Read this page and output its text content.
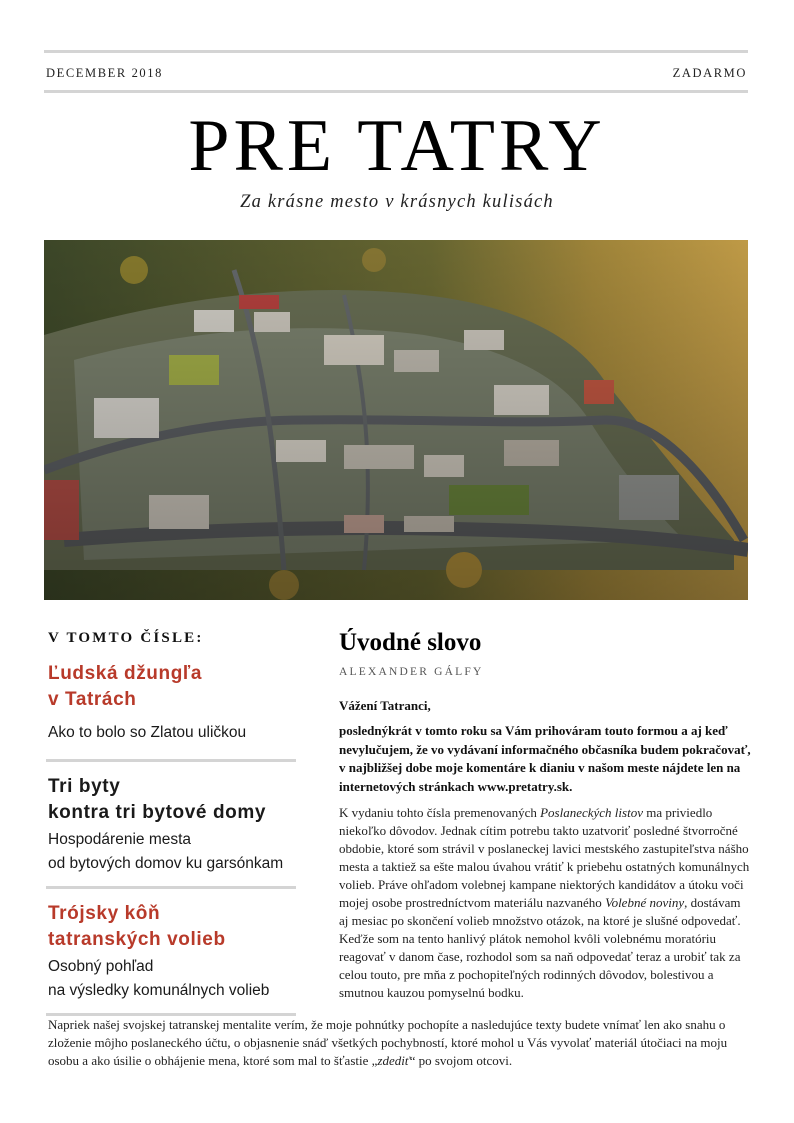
DECEMBER 2018	ZADARMO
PRE TATRY
Za krásne mesto v krásnych kulisách
V TOMTO ČÍSLE:

Ľudská džungľa
v Tatrách

Ako to bolo so Zlatou uličkou

Tri byty
kontra tri bytové domy

Hospodárenie mesta
od bytových domov ku garsónkam

Trójsky kôň
tatranských volieb

Osobný pohľad
na výsledky komunálnych volieb

Úvodné slovo

ALEXANDER GÁLFY

Vážení Tatranci,

poslednýkrát v tomto roku sa Vám prihováram touto formou a aj keď nevylučujem, že vo vydávaní informačného občasníka budem pokračovať, v najbližšej dobe moje komentáre k dianiu v našom meste nájdete len na internetových stránkach www.pretatry.sk.

K vydaniu tohto čísla premenovaných Poslaneckých listov ma priviedlo niekoľko dôvodov. Jednak cítim potrebu takto uzatvoriť posledné štvorročné obdobie, ktoré som strávil v poslaneckej lavici mestského zastupiteľstva nášho mesta a taktiež sa ešte malou úvahou vrátiť k priebehu ostatných komunálnych volieb. Práve ohľadom volebnej kampane niektorých kandidátov a útoku voči mojej osobe prostredníctvom materiálu nazvaného Volebné noviny, dostávam aj mesiac po skončení volieb množstvo otázok, na ktoré je slušné odpovedať. Keďže som na tento hanlivý plátok nemohol kvôli volebnému moratóriu reagovať v danom čase, rozhodol som sa naň odpovedať teraz a urobiť tak za celou touto, pre mňa z pochopiteľných rodinných dôvodov, bolestivou a smutnou kauzou pomyselnú bodku.

Napriek našej svojskej tatranskej mentalite verím, že moje pohnútky pochopíte a nasledujúce texty budete vnímať len ako snahu o zloženie môjho poslaneckého účtu, o objasnenie snáď všetkých pochybností, ktoré mohol u Vás vyvolať materiál útočiaci na moju osobu a ako úsilie o obhájenie mena, ktoré som mal to šťastie „zdediť“ po svojom otcovi.
